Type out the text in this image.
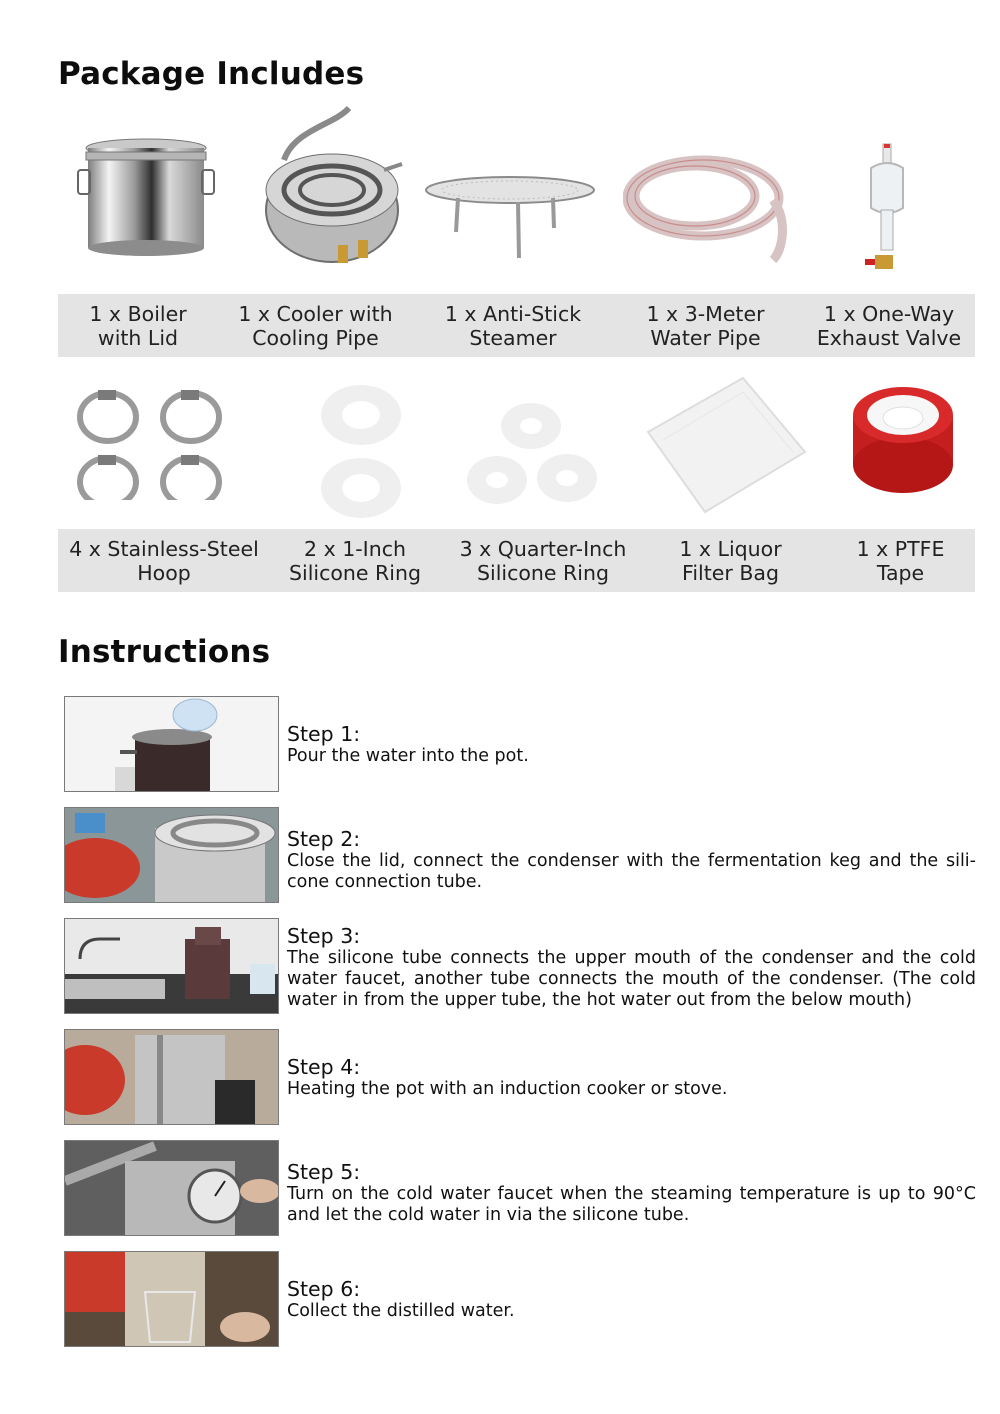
Package Includes
1 x Boiler
with Lid
1 x Cooler with
Cooling Pipe
1 x Anti-Stick
Steamer
1 x 3-Meter
Water Pipe
1 x One-Way
Exhaust Valve
4 x Stainless-Steel
Hoop
2 x 1-Inch
Silicone Ring
3 x Quarter-Inch
Silicone Ring
1 x Liquor
Filter Bag
1 x PTFE
Tape
Instructions
Step 1:
Pour the water into the pot.
Step 2:
Close the lid, connect the condenser with the fermentation keg and the sili-cone connection tube.
Step 3:
The silicone tube connects the upper mouth of the condenser and the cold water faucet, another tube connects the mouth of the condenser. (The cold water in from the upper tube, the hot water out from the below mouth)
Step 4:
Heating the pot with an induction cooker or stove.
Step 5:
Turn on the cold water faucet when the steaming temperature is up to 90°C and let the cold water in via the silicone tube.
Step 6:
Collect the distilled water.
